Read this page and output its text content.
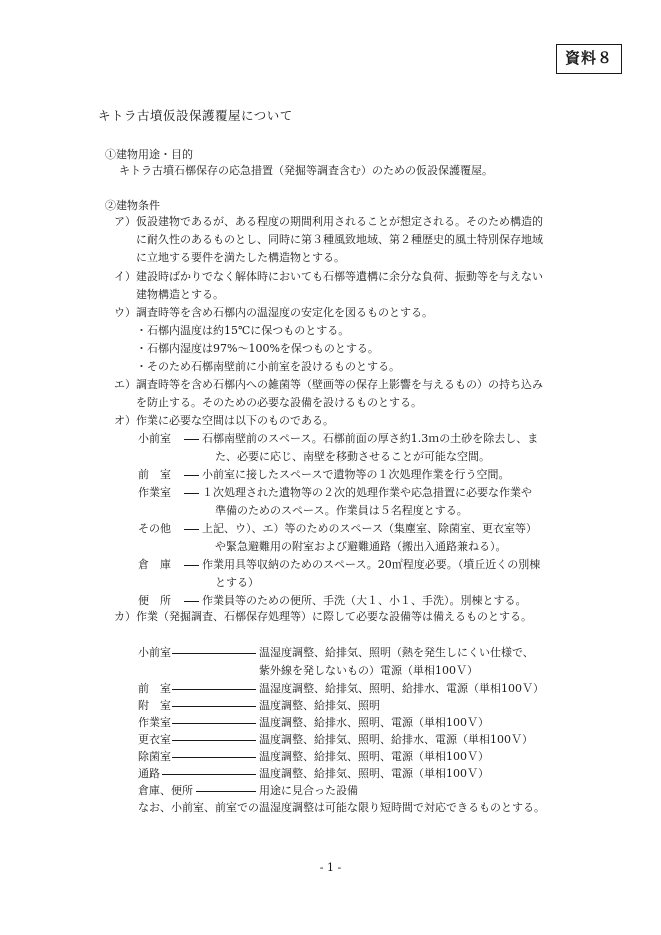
資料８
キトラ古墳仮設保護覆屋について
①建物用途・目的
キトラ古墳石槨保存の応急措置（発掘等調査含む）のための仮設保護覆屋。
②建物条件
ア） 仮設建物であるが、ある程度の期間利用されることが想定される。そのため構造的
に耐久性のあるものとし、同時に第３種風致地域、第２種歴史的風土特別保存地域
に立地する要件を満たした構造物とする。
イ） 建設時ばかりでなく解体時においても石槨等遺構に余分な負荷、振動等を与えない
建物構造とする。
ウ） 調査時等を含め石槨内の温湿度の安定化を図るものとする。
・石槨内温度は約15℃に保つものとする。
・石槨内湿度は97%～100%を保つものとする。
・そのため石槨南壁前に小前室を設けるものとする。
エ） 調査時等を含め石槨内への雑菌等（壁画等の保存上影響を与えるもの）の持ち込み
を防止する。そのための必要な設備を設けるものとする。
オ） 作業に必要な空間は以下のものである。
小前室	石槨南壁前のスペース。石槨前面の厚さ約1.3ｍの土砂を除去し、ま
た、必要に応じ、南壁を移動させることが可能な空間。
前　室	小前室に接したスペースで遺物等の１次処理作業を行う空間。
作業室	１次処理された遺物等の２次的処理作業や応急措置に必要な作業や
準備のためのスペース。作業員は５名程度とする。
その他	上記、ウ）、エ）等のためのスペース（集塵室、除菌室、更衣室等）
や緊急避難用の附室および避難通路（搬出入通路兼ねる）。
倉　庫	作業用具等収納のためのスペース。20㎡程度必要。（墳丘近くの別棟
とする）
便　所	作業員等のための便所、手洗（大１、小１、手洗）。別棟とする。
カ） 作業（発掘調査、石槨保存処理等）に際して必要な設備等は備えるものとする。
小前室	温湿度調整、給排気、照明（熱を発生しにくい仕様で、
紫外線を発しないもの）電源（単相100Ｖ）
前　室	温湿度調整、給排気、照明、給排水、電源（単相100Ｖ）
附　室	温度調整、給排気、照明
作業室	温度調整、給排水、照明、電源（単相100Ｖ）
更衣室	温度調整、給排気、照明、給排水、電源（単相100Ｖ）
除菌室	温度調整、給排気、照明、電源（単相100Ｖ）
通路	温度調整、給排気、照明、電源（単相100Ｖ）
倉庫、便所	用途に見合った設備
なお、小前室、前室での温湿度調整は可能な限り短時間で対応できるものとする。
- 1 -
